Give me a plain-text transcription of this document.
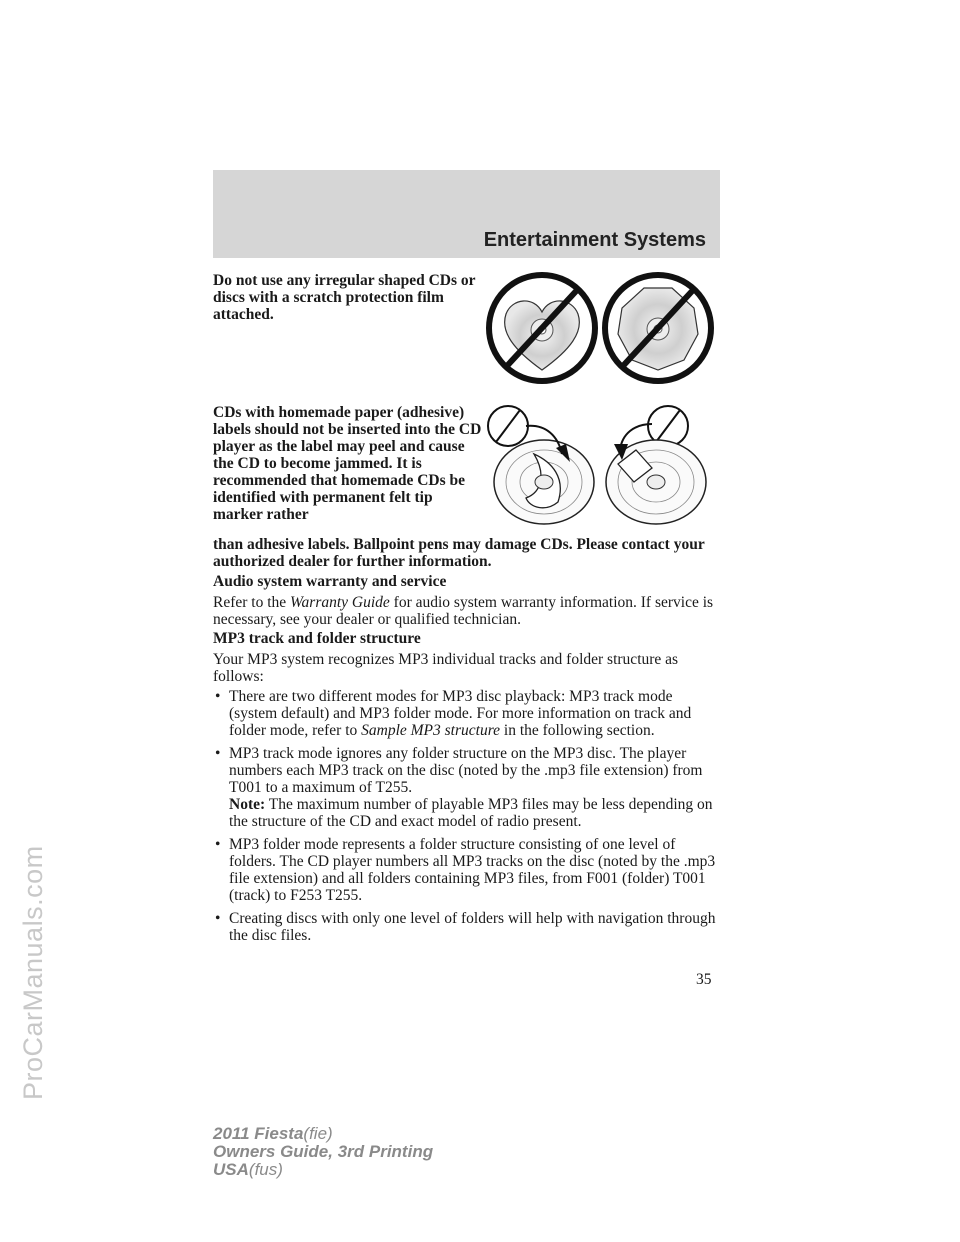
ProCarManuals.com
Entertainment Systems
Do not use any irregular shaped CDs or discs with a scratch protection film attached.
CDs with homemade paper (adhesive) labels should not be inserted into the CD player as the label may peel and cause the CD to become jammed. It is recommended that homemade CDs be identified with permanent felt tip marker rather
than adhesive labels. Ballpoint pens may damage CDs. Please contact your authorized dealer for further information.
Audio system warranty and service
Refer to the Warranty Guide for audio system warranty information. If service is necessary, see your dealer or qualified technician.
MP3 track and folder structure
Your MP3 system recognizes MP3 individual tracks and folder structure as follows:
• There are two different modes for MP3 disc playback: MP3 track mode (system default) and MP3 folder mode. For more information on track and folder mode, refer to Sample MP3 structure in the following section.
• MP3 track mode ignores any folder structure on the MP3 disc. The player numbers each MP3 track on the disc (noted by the .mp3 file extension) from T001 to a maximum of T255.
Note: The maximum number of playable MP3 files may be less depending on the structure of the CD and exact model of radio present.
• MP3 folder mode represents a folder structure consisting of one level of folders. The CD player numbers all MP3 tracks on the disc (noted by the .mp3 file extension) and all folders containing MP3 files, from F001 (folder) T001 (track) to F253 T255.
• Creating discs with only one level of folders will help with navigation through the disc files.
35
2011 Fiesta(fie)
Owners Guide, 3rd Printing
USA(fus)
